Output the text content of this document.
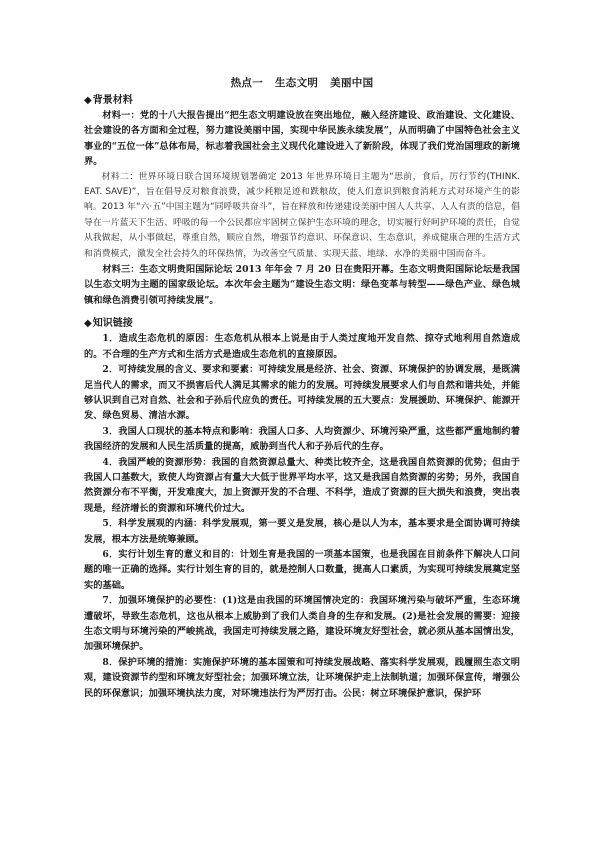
热点一 生态文明 美丽中国
◆背景材料

材料一：党的十八大报告提出“把生态文明建设放在突出地位，融入经济建设、政治建设、文化建设、社会建设的各方面和全过程，努力建设美丽中国，实现中华民族永续发展”，从而明确了中国特色社会主义事业的“五位一体”总体布局，标志着我国社会主义现代化建设进入了新阶段，体现了我们党治国理政的新境界。

材料二：世界环境日联合国环境规划署确定 2013 年世界环境日主题为“思前，食后，厉行节约(THINK. EAT. SAVE)”，旨在倡导反对粮食浪费，减少耗粮足迹和跌粮故，使人们意识到粮食消耗方式对环境产生的影响。2013 年“六·五”中国主题为“同呼吸共奋斗”，旨在释放和传递建设美丽中国人人共享、人人有责的信息，倡导在一片蓝天下生活、呼吸的每一个公民都应牢固树立保护生态环境的理念，切实履行好呵护环境的责任，自觉从我做起，从小事做起，尊重自然，顺应自然，增强节约意识、环保意识、生态意识，养成健康合理的生活方式和消费模式，激发全社会持久的环保热情，为改善空气质量、实现天蓝、地绿、水净的美丽中国而奋斗。

材料三：生态文明贵阳国际论坛 2013 年年会 7 月 20 日在贵阳开幕。生态文明贵阳国际论坛是我国以生态文明为主题的国家级论坛。本次年会主题为“建设生态文明：绿色变革与转型——绿色产业、绿色城镇和绿色消费引领可持续发展”。

◆知识链接

1．造成生态危机的原因：生态危机从根本上说是由于人类过度地开发自然、掠夺式地利用自然造成的。不合理的生产方式和生活方式是造成生态危机的直接原因。

2．可持续发展的含义、要求和要素：可持续发展是经济、社会、资源、环境保护的协调发展，是既满足当代人的需求，而又不损害后代人满足其需求的能力的发展。可持续发展要求人们与自然和谐共处，并能够认识到自己对自然、社会和子孙后代应负的责任。可持续发展的五大要点：发展援助、环境保护、能源开发、绿色贸易、清洁水源。

3．我国人口现状的基本特点和影响：我国人口多、人均资源少、环境污染严重，这些都严重地制约着我国经济的发展和人民生活质量的提高，威胁到当代人和子孙后代的生存。

4．我国严峻的资源形势：我国的自然资源总量大、种类比较齐全，这是我国自然资源的优势；但由于我国人口基数大，致使人均资源占有量大大低于世界平均水平，这又是我国自然资源的劣势；另外，我国自然资源分布不平衡，开发难度大，加上资源开发的不合理、不科学，造成了资源的巨大损失和浪费，突出表现是，经济增长的资源和环境代价过大。

5．科学发展观的内涵：科学发展观，第一要义是发展，核心是以人为本，基本要求是全面协调可持续发展，根本方法是统筹兼顾。

6．实行计划生育的意义和目的：计划生育是我国的一项基本国策，也是我国在目前条件下解决人口问题的唯一正确的选择。实行计划生育的目的，就是控制人口数量，提高人口素质，为实现可持续发展奠定坚实的基础。

7．加强环境保护的必要性：(1)这是由我国的环境国情决定的：我国环境污染与破坏严重，生态环境遭破坏，导致生态危机，这也从根本上威胁到了我们人类自身的生存和发展。(2)是社会发展的需要：迎接生态文明与环境污染的严峻挑战，我国走可持续发展之路，建设环境友好型社会，就必须从基本国情出发，加强环境保护。

8．保护环境的措施：实施保护环境的基本国策和可持续发展战略、落实科学发展观，践履照生态文明观，建设资源节约型和环境友好型社会；加强环境立法，让环境保护走上法制轨道；加强环保宣传，增强公民的环保意识；加强环境执法力度，对环境违法行为严厉打击。公民：树立环境保护意识，保护环
